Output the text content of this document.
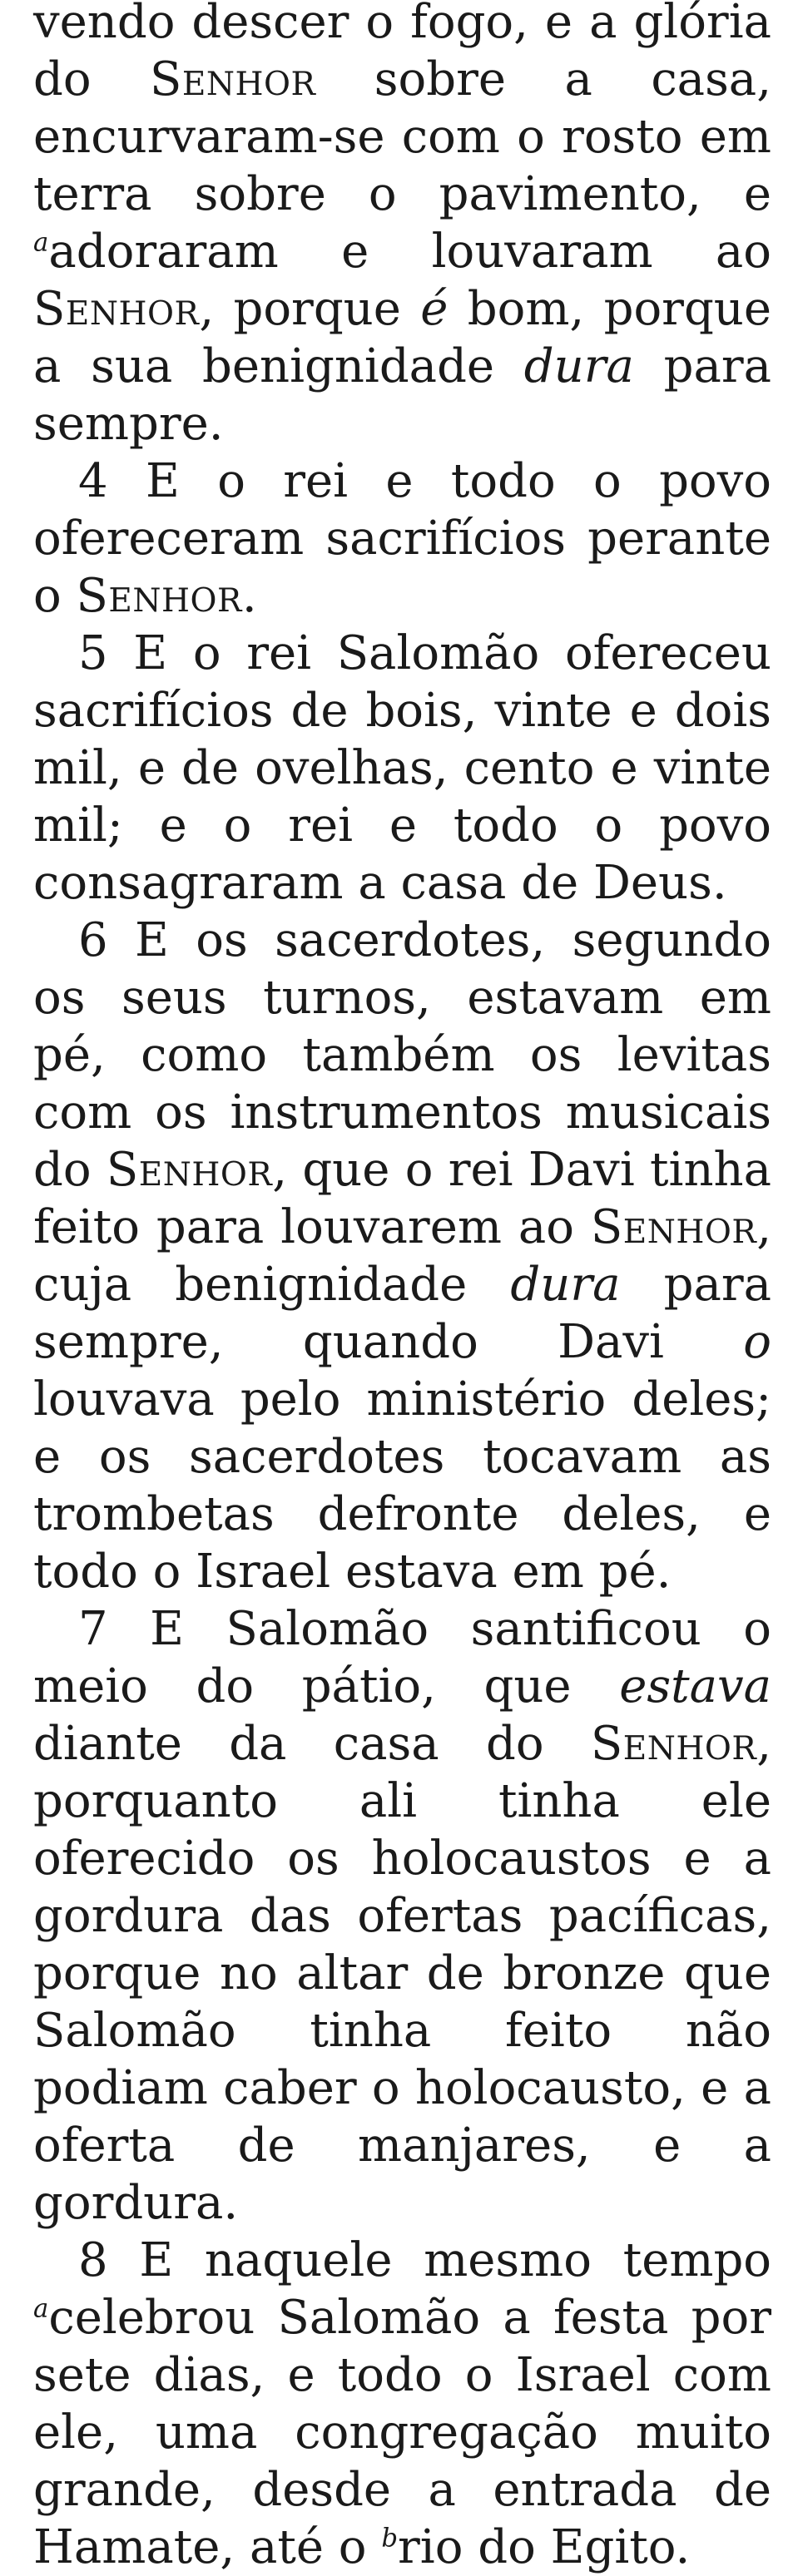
vendo descer o fogo, e a glória do Senhor sobre a casa, encurvaram-se com o rosto em terra sobre o pavimento, e $^a$adoraram e louvaram ao Senhor, porque é bom, porque a sua benignidade dura para sempre.

4 E o rei e todo o povo ofereceram sacrifícios perante o Senhor.

5 E o rei Salomão ofereceu sacrifícios de bois, vinte e dois mil, e de ovelhas, cento e vinte mil; e o rei e todo o povo consagraram a casa de Deus.

6 E os sacerdotes, segundo os seus turnos, estavam em pé, como também os levitas com os instrumentos musicais do Senhor, que o rei Davi tinha feito para louvarem ao Senhor, cuja benignidade dura para sempre, quando Davi o louvava pelo ministério deles; e os sacerdotes tocavam as trombetas defronte deles, e todo o Israel estava em pé.

7 E Salomão santificou o meio do pátio, que estava diante da casa do Senhor, porquanto ali tinha ele oferecido os holocaustos e a gordura das ofertas pacíficas, porque no altar de bronze que Salomão tinha feito não podiam caber o holocausto, e a oferta de manjares, e a gordura.

8 E naquele mesmo tempo $^a$celebrou Salomão a festa por sete dias, e todo o Israel com ele, uma congregação muito grande, desde a entrada de Hamate, até o $^b$rio do Egito.
